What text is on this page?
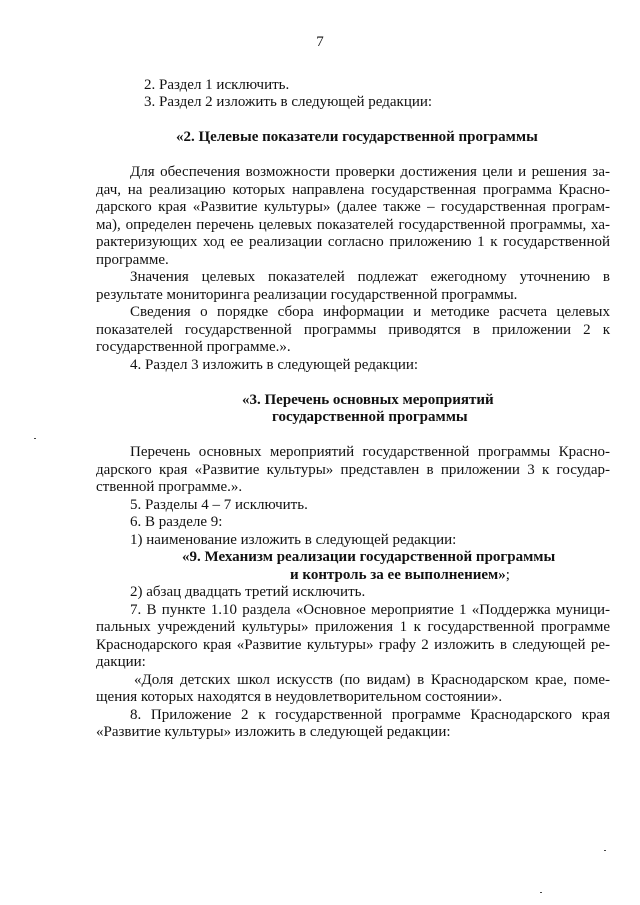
7
2. Раздел 1 исключить.
3. Раздел 2 изложить в следующей редакции:
«2. Целевые показатели государственной программы
Для обеспечения возможности проверки достижения цели и решения за-
дач, на реализацию которых направлена государственная программа Красно-
дарского края «Развитие культуры» (далее также – государственная програм-
ма), определен перечень целевых показателей государственной программы, ха-
рактеризующих ход ее реализации согласно приложению 1 к государственной
программе.
Значения целевых показателей подлежат ежегодному уточнению в
результате мониторинга реализации государственной программы.
Сведения о порядке сбора информации и методике расчета целевых
показателей государственной программы приводятся в приложении 2 к
государственной программе.».
4. Раздел 3 изложить в следующей редакции:
«3. Перечень основных мероприятий
государственной программы
Перечень основных мероприятий государственной программы Красно-
дарского края «Развитие культуры» представлен в приложении 3 к государ-
ственной программе.».
5. Разделы 4 – 7 исключить.
6. В разделе 9:
1) наименование изложить в следующей редакции:
«9. Механизм реализации государственной программы
и контроль за ее выполнением»;
2) абзац двадцать третий исключить.
7. В пункте 1.10 раздела «Основное мероприятие 1 «Поддержка муници-
пальных учреждений культуры» приложения 1 к государственной программе
Краснодарского края «Развитие культуры» графу 2 изложить в следующей ре-
дакции:
«Доля детских школ искусств (по видам) в Краснодарском крае, поме-
щения которых находятся в неудовлетворительном состоянии».
8. Приложение 2 к государственной программе Краснодарского края
«Развитие культуры» изложить в следующей редакции:
